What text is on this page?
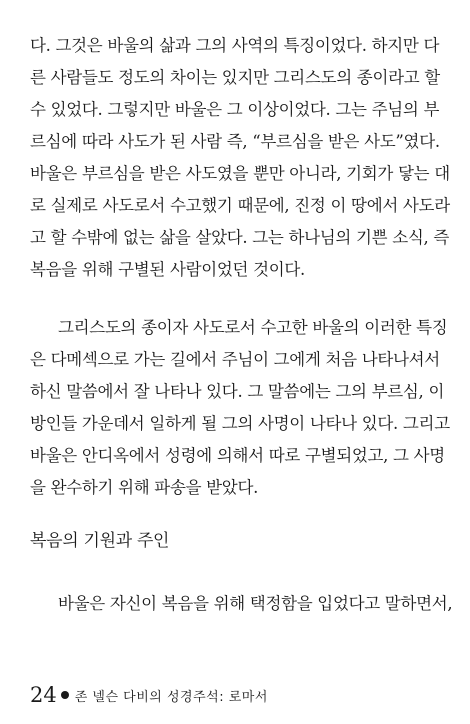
다. 그것은 바울의 삶과 그의 사역의 특징이었다. 하지만 다
른 사람들도 정도의 차이는 있지만 그리스도의 종이라고 할
수 있었다. 그렇지만 바울은 그 이상이었다. 그는 주님의 부
르심에 따라 사도가 된 사람 즉, “부르심을 받은 사도”였다.
바울은 부르심을 받은 사도였을 뿐만 아니라, 기회가 닿는 대
로 실제로 사도로서 수고했기 때문에, 진정 이 땅에서 사도라
고 할 수밖에 없는 삶을 살았다. 그는 하나님의 기쁜 소식, 즉
복음을 위해 구별된 사람이었던 것이다.
그리스도의 종이자 사도로서 수고한 바울의 이러한 특징
은 다메섹으로 가는 길에서 주님이 그에게 처음 나타나셔서
하신 말씀에서 잘 나타나 있다. 그 말씀에는 그의 부르심, 이
방인들 가운데서 일하게 될 그의 사명이 나타나 있다. 그리고
바울은 안디옥에서 성령에 의해서 따로 구별되었고, 그 사명
을 완수하기 위해 파송을 받았다.
복음의 기원과 주인
바울은 자신이 복음을 위해 택정함을 입었다고 말하면서,
24 존 넬슨 다비의 성경주석: 로마서
